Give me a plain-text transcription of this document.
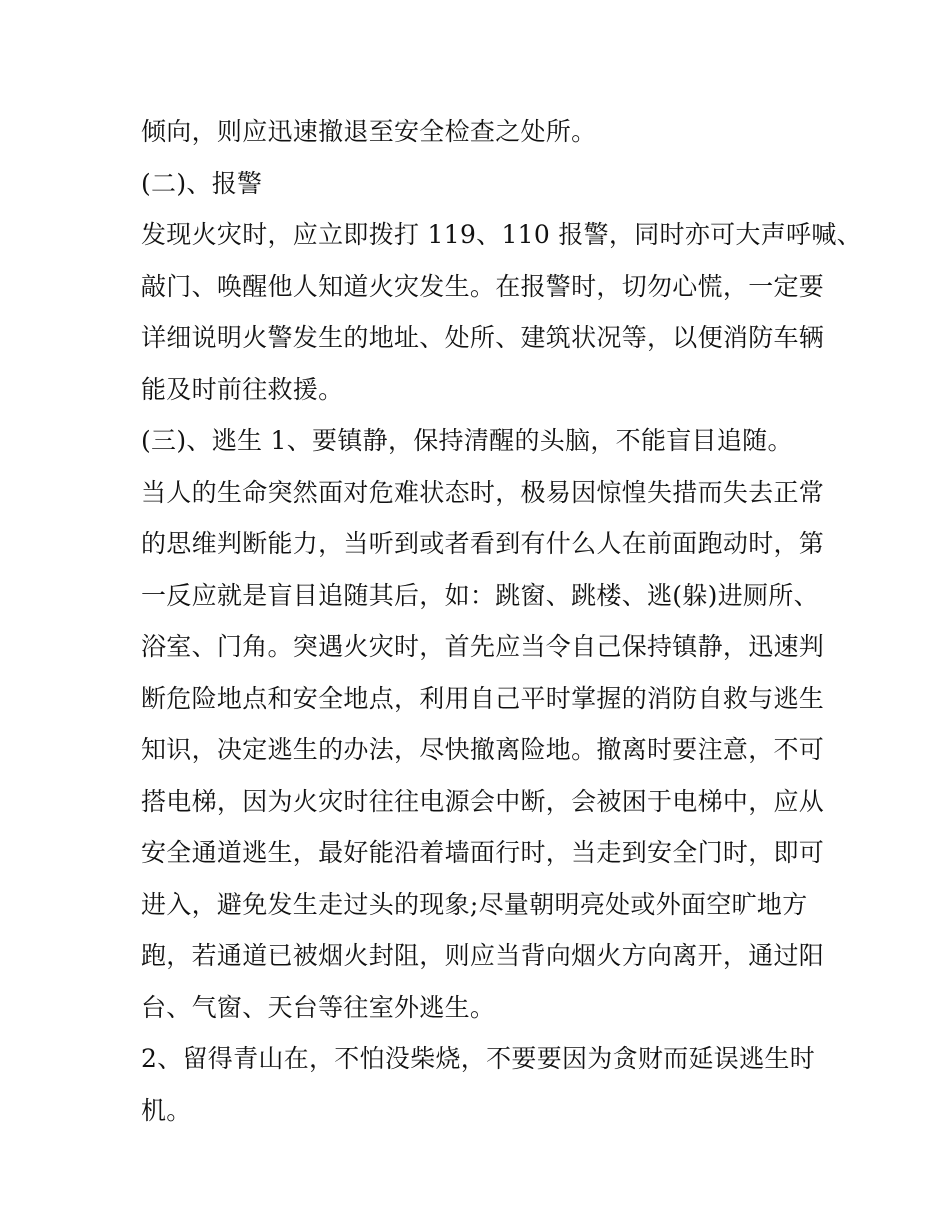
倾向，则应迅速撤退至安全检查之处所。
(二)、报警
发现火灾时，应立即拨打 119、110 报警，同时亦可大声呼喊、
敲门、唤醒他人知道火灾发生。在报警时，切勿心慌，一定要
详细说明火警发生的地址、处所、建筑状况等，以便消防车辆
能及时前往救援。
(三)、逃生 1、要镇静，保持清醒的头脑，不能盲目追随。
当人的生命突然面对危难状态时，极易因惊惶失措而失去正常
的思维判断能力，当听到或者看到有什么人在前面跑动时，第
一反应就是盲目追随其后，如：跳窗、跳楼、逃(躲)进厕所、
浴室、门角。突遇火灾时，首先应当令自己保持镇静，迅速判
断危险地点和安全地点，利用自己平时掌握的消防自救与逃生
知识，决定逃生的办法，尽快撤离险地。撤离时要注意，不可
搭电梯，因为火灾时往往电源会中断，会被困于电梯中，应从
安全通道逃生，最好能沿着墙面行时，当走到安全门时，即可
进入，避免发生走过头的现象;尽量朝明亮处或外面空旷地方
跑，若通道已被烟火封阻，则应当背向烟火方向离开，通过阳
台、气窗、天台等往室外逃生。
2、留得青山在，不怕没柴烧，不要要因为贪财而延误逃生时
机。
